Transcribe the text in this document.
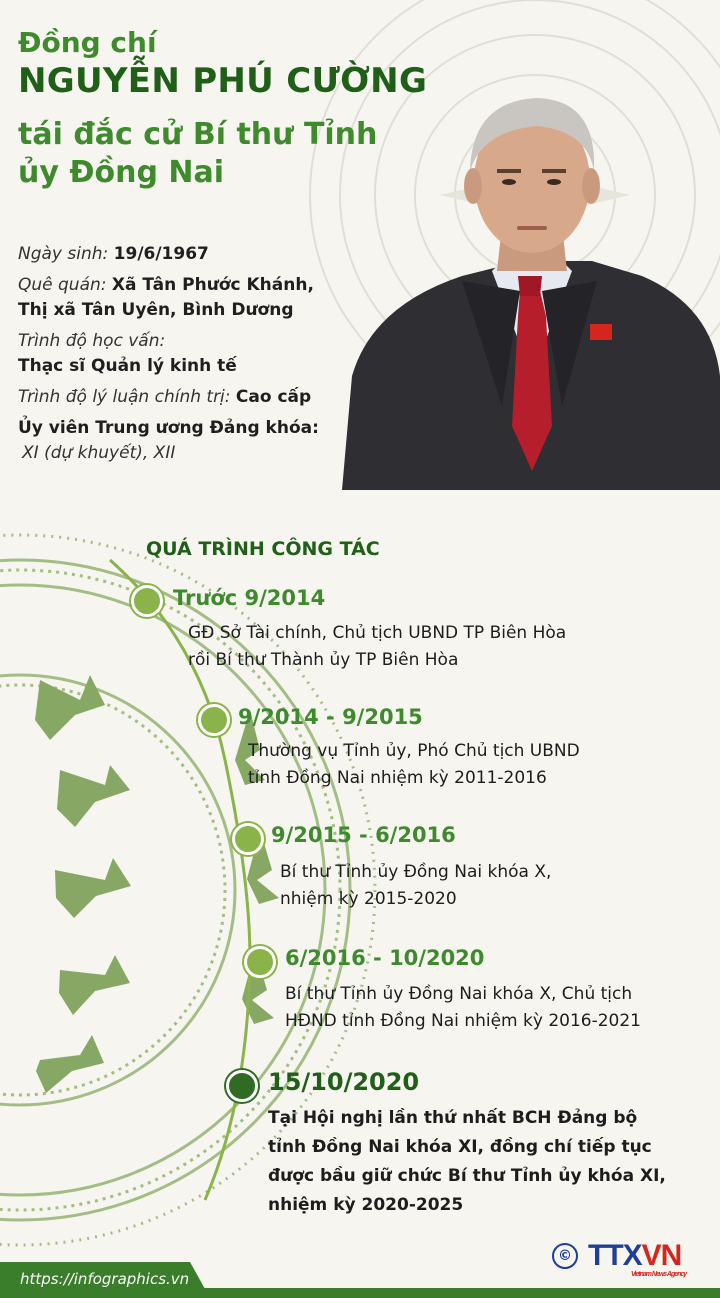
Đồng chí
NGUYỄN PHÚ CƯỜNG
tái đắc cử Bí thư Tỉnh ủy Đồng Nai
Ngày sinh: 19/6/1967
Quê quán: Xã Tân Phước Khánh,
Thị xã Tân Uyên, Bình Dương
Trình độ học vấn:
Thạc sĩ Quản lý kinh tế
Trình độ lý luận chính trị: Cao cấp
Ủy viên Trung ương Đảng khóa:
XI (dự khuyết), XII
QUÁ TRÌNH CÔNG TÁC
Trước 9/2014
GĐ Sở Tài chính, Chủ tịch UBND TP Biên Hòa
rồi Bí thư Thành ủy TP Biên Hòa
9/2014 - 9/2015
Thường vụ Tỉnh ủy, Phó Chủ tịch UBND
tỉnh Đồng Nai nhiệm kỳ 2011-2016
9/2015 - 6/2016
Bí thư Tỉnh ủy Đồng Nai khóa X,
nhiệm kỳ 2015-2020
6/2016 - 10/2020
Bí thư Tỉnh ủy Đồng Nai khóa X, Chủ tịch
HĐND tỉnh Đồng Nai nhiệm kỳ 2016-2021
15/10/2020
Tại Hội nghị lần thứ nhất BCH Đảng bộ
tỉnh Đồng Nai khóa XI, đồng chí tiếp tục
được bầu giữ chức Bí thư Tỉnh ủy khóa XI,
nhiệm kỳ 2020-2025
© TTXVN
Vietnam News Agency
https://infographics.vn
